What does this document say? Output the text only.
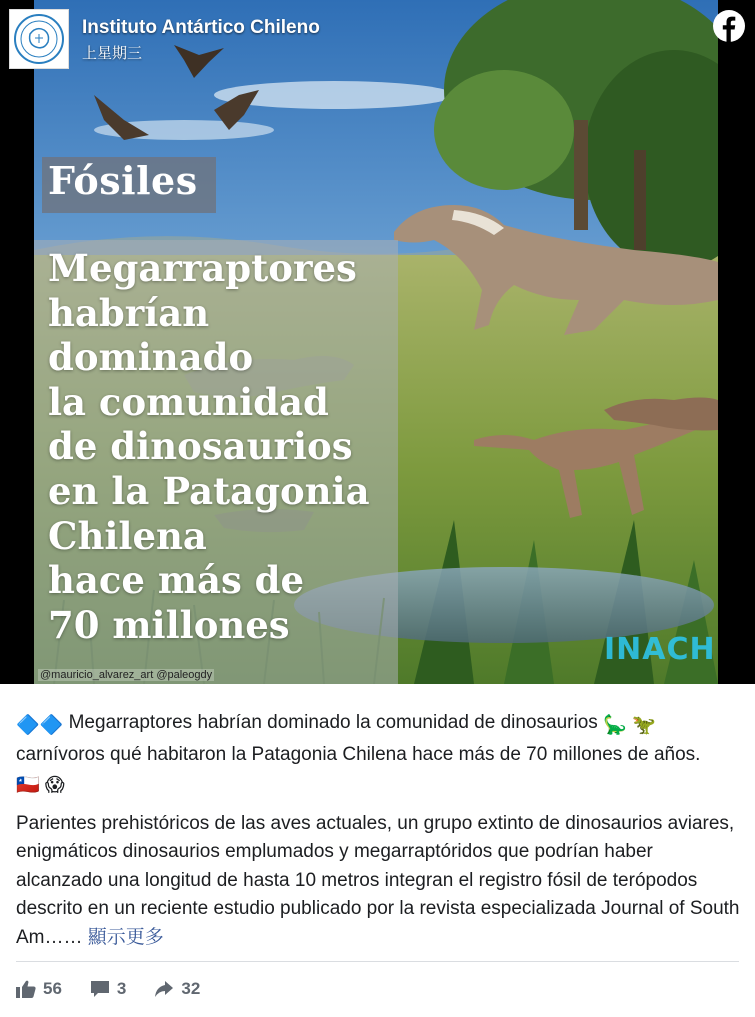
INACH
Fósiles
Megarraptores
habrían
dominado
la comunidad
de dinosaurios
en la Patagonia
Chilena
hace más de
70 millones
@mauricio_alvarez_art @paleogdy
Instituto Antártico Chileno
上星期三

🔷🔷 Megarraptores habrían dominado la comunidad de dinosaurios 🦕 🦖 carnívoros qué habitaron la Patagonia Chilena hace más de 70 millones de años. 🇨🇱 😱

Parientes prehistóricos de las aves actuales, un grupo extinto de dinosaurios aviares, enigmáticos dinosaurios emplumados y megarraptóridos que podrían haber alcanzado una longitud de hasta 10 metros integran el registro fósil de terópodos descrito en un reciente estudio publicado por la revista especializada Journal of South Am…… 顯示更多

56	3	32
